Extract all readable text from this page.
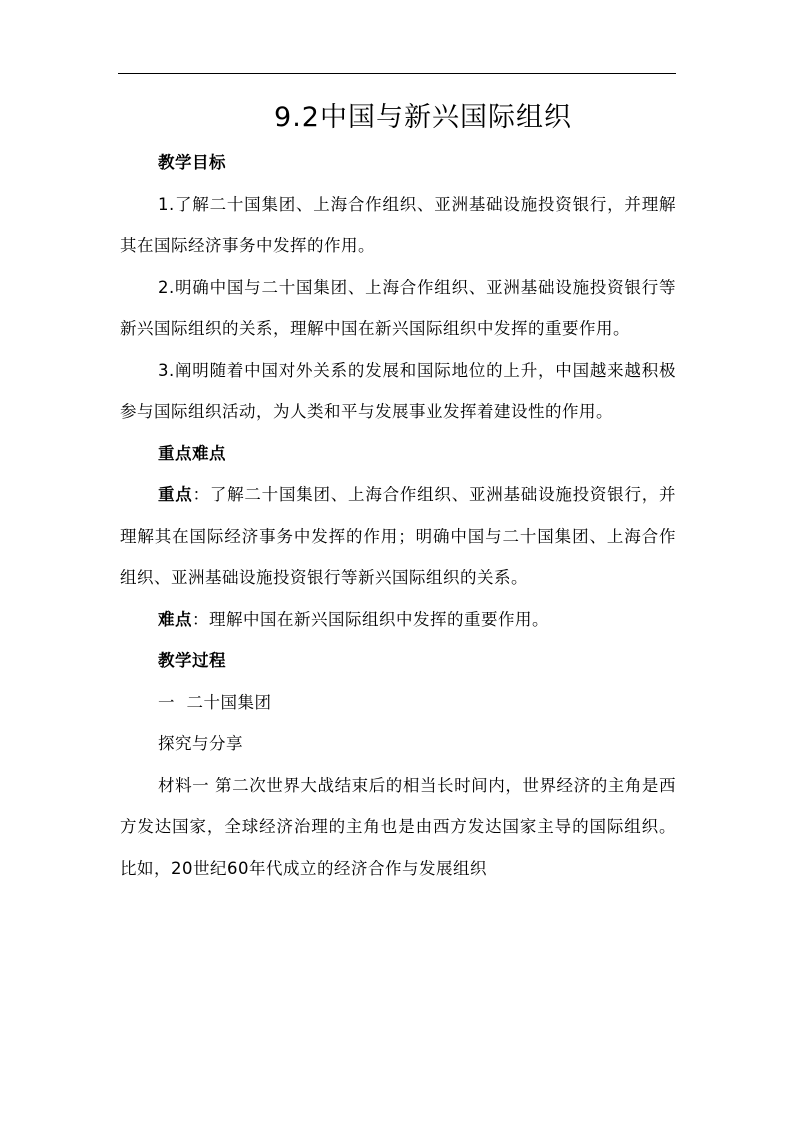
9.2中国与新兴国际组织

教学目标

1.了解二十国集团、上海合作组织、亚洲基础设施投资银行，并理解其在国际经济事务中发挥的作用。

2.明确中国与二十国集团、上海合作组织、亚洲基础设施投资银行等新兴国际组织的关系，理解中国在新兴国际组织中发挥的重要作用。

3.阐明随着中国对外关系的发展和国际地位的上升，中国越来越积极参与国际组织活动，为人类和平与发展事业发挥着建设性的作用。

重点难点

重点：了解二十国集团、上海合作组织、亚洲基础设施投资银行，并理解其在国际经济事务中发挥的作用；明确中国与二十国集团、上海合作组织、亚洲基础设施投资银行等新兴国际组织的关系。

难点：理解中国在新兴国际组织中发挥的重要作用。

教学过程

一  二十国集团

探究与分享

材料一 第二次世界大战结束后的相当长时间内，世界经济的主角是西方发达国家，全球经济治理的主角也是由西方发达国家主导的国际组织。比如，20世纪60年代成立的经济合作与发展组织
